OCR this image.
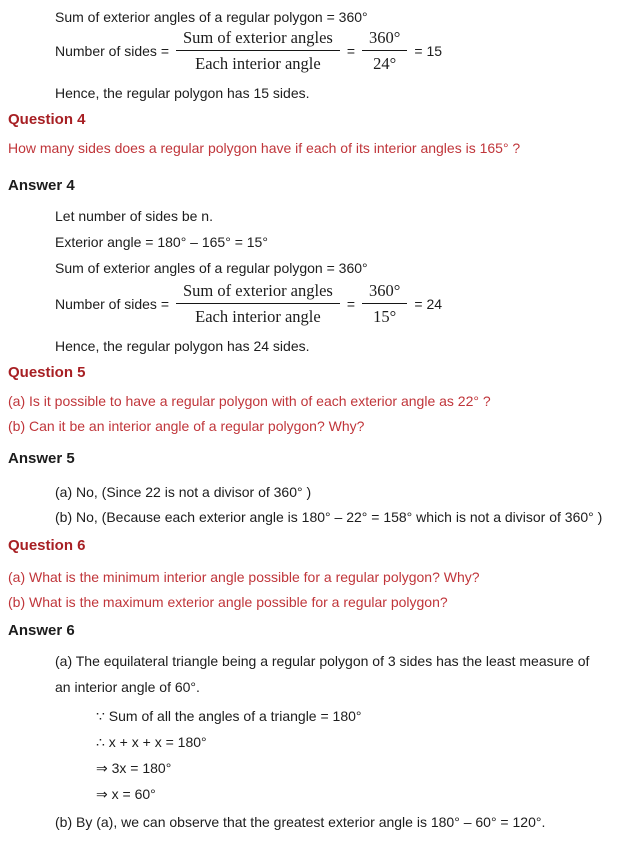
Sum of exterior angles of a regular polygon = 360°
Number of sides = $\frac{\text{Sum of exterior angles}}{\text{Each interior angle}} = \frac{360^\circ}{24^\circ} = 15$
Hence, the regular polygon has 15 sides.
Question 4
How many sides does a regular polygon have if each of its interior angles is 165° ?
Answer 4
Let number of sides be n.
Exterior angle = 180° – 165° = 15°
Sum of exterior angles of a regular polygon = 360°
Number of sides = $\frac{\text{Sum of exterior angles}}{\text{Each interior angle}} = \frac{360^\circ}{15^\circ} = 24$
Hence, the regular polygon has 24 sides.
Question 5
(a) Is it possible to have a regular polygon with of each exterior angle as 22° ?
(b) Can it be an interior angle of a regular polygon? Why?
Answer 5
(a) No, (Since 22 is not a divisor of 360° )
(b) No, (Because each exterior angle is 180° – 22° = 158° which is not a divisor of 360° )
Question 6
(a) What is the minimum interior angle possible for a regular polygon? Why?
(b) What is the maximum exterior angle possible for a regular polygon?
Answer 6
(a) The equilateral triangle being a regular polygon of 3 sides has the least measure of
an interior angle of 60°.
∵ Sum of all the angles of a triangle = 180°
∴ x + x + x = 180°
⇒ 3x = 180°
⇒ x = 60°
(b) By (a), we can observe that the greatest exterior angle is 180° – 60° = 120°.
